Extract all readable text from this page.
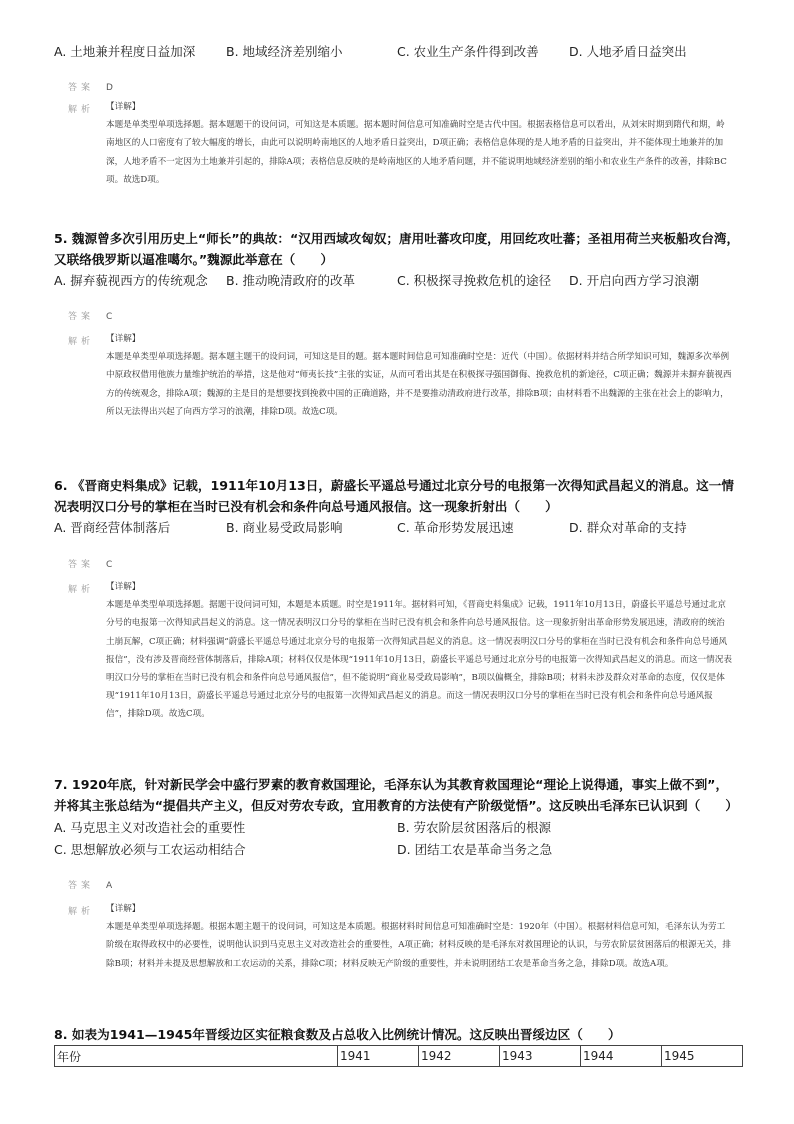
A. 土地兼并程度日益加深 B. 地域经济差别缩小	C. 农业生产条件得到改善 D. 人地矛盾日益突出
答案 D
解析 【详解】
本题是单类型单项选择题。据本题题干的设问词，可知这是本质题。据本题时间信息可知准确时空是古代中国。根据表格信息可以看出，从刘宋时期到隋代和期，岭南地区的人口密度有了较大幅度的增长，由此可以说明岭南地区的人地矛盾日益突出，D项正确；表格信息体现的是人地矛盾的日益突出，并不能体现土地兼并的加深，人地矛盾不一定因为土地兼并引起的，排除A项；表格信息反映的是岭南地区的人地矛盾问题，并不能说明地域经济差别的缩小和农业生产条件的改善，排除BC项。故选D项。
5. 魏源曾多次引用历史上“师长”的典故：“汉用西域攻匈奴；唐用吐蕃攻印度，用回纥攻吐蕃；圣祖用荷兰夹板船攻台湾，又联络俄罗斯以逼准噶尔。”魏源此举意在（　　）
A. 摒弃藐视西方的传统观念 B. 推动晚清政府的改革	C. 积极探寻挽救危机的途径 D. 开启向西方学习浪潮
答案 C
解析 【详解】
本题是单类型单项选择题。据本题主题干的设问词，可知这是目的题。据本题时间信息可知准确时空是：近代（中国）。依据材料并结合所学知识可知，魏源多次举例中原政权借用他族力量维护统治的举措，这是他对“师夷长技”主张的实证，从而可看出其是在积极探寻强国御侮、挽救危机的新途径，C项正确；魏源并未摒弃藐视西方的传统观念，排除A项；魏源的主是目的是想要找到挽救中国的正确道路，并不是要推动清政府进行改革，排除B项；由材料看不出魏源的主张在社会上的影响力，所以无法得出兴起了向西方学习的浪潮，排除D项。故选C项。
6. 《晋商史料集成》记载，1911年10月13日，蔚盛长平遥总号通过北京分号的电报第一次得知武昌起义的消息。这一情况表明汉口分号的掌柜在当时已没有机会和条件向总号通风报信。这一现象折射出（　　）
A. 晋商经营体制落后	B. 商业易受政局影响	C. 革命形势发展迅速	D. 群众对革命的支持
答案 C
解析 【详解】
本题是单类型单项选择题。据题干设问词可知，本题是本质题。时空是1911年。据材料可知，《晋商史料集成》记载，1911年10月13日，蔚盛长平遥总号通过北京分号的电报第一次得知武昌起义的消息。这一情况表明汉口分号的掌柜在当时已没有机会和条件向总号通风报信。这一现象折射出革命形势发展迅速，清政府的统治土崩瓦解，C项正确；材料强调“蔚盛长平遥总号通过北京分号的电报第一次得知武昌起义的消息。这一情况表明汉口分号的掌柜在当时已没有机会和条件向总号通风报信”，没有涉及晋商经营体制落后，排除A项；材料仅仅是体现“1911年10月13日，蔚盛长平遥总号通过北京分号的电报第一次得知武昌起义的消息。而这一情况表明汉口分号的掌柜在当时已没有机会和条件向总号通风报信”，但不能说明“商业易受政局影响”，B项以偏概全，排除B项；材料未涉及群众对革命的态度，仅仅是体现“1911年10月13日，蔚盛长平遥总号通过北京分号的电报第一次得知武昌起义的消息。而这一情况表明汉口分号的掌柜在当时已没有机会和条件向总号通风报信”，排除D项。故选C项。
7. 1920年底，针对新民学会中盛行罗素的教育救国理论，毛泽东认为其教育救国理论“理论上说得通，事实上做不到”，并将其主张总结为“提倡共产主义，但反对劳农专政，宜用教育的方法使有产阶级觉悟”。这反映出毛泽东已认识到（　　）
A. 马克思主义对改造社会的重要性	B. 劳农阶层贫困落后的根源
C. 思想解放必须与工农运动相结合	D. 团结工农是革命当务之急
答案 A
解析 【详解】
本题是单类型单项选择题。根据本题主题干的设问词，可知这是本质题。根据材料时间信息可知准确时空是：1920年（中国）。根据材料信息可知，毛泽东认为劳工阶级在取得政权中的必要性，说明他认识到马克思主义对改造社会的重要性，A项正确；材料反映的是毛泽东对救国理论的认识，与劳农阶层贫困落后的根源无关，排除B项；材料并未提及思想解放和工农运动的关系，排除C项；材料反映无产阶级的重要性，并未说明团结工农是革命当务之急，排除D项。故选A项。
8. 如表为1941—1945年晋绥边区实征粮食数及占总收入比例统计情况。这反映出晋绥边区（　　）
年份	1941	1942	1943	1944	1945
